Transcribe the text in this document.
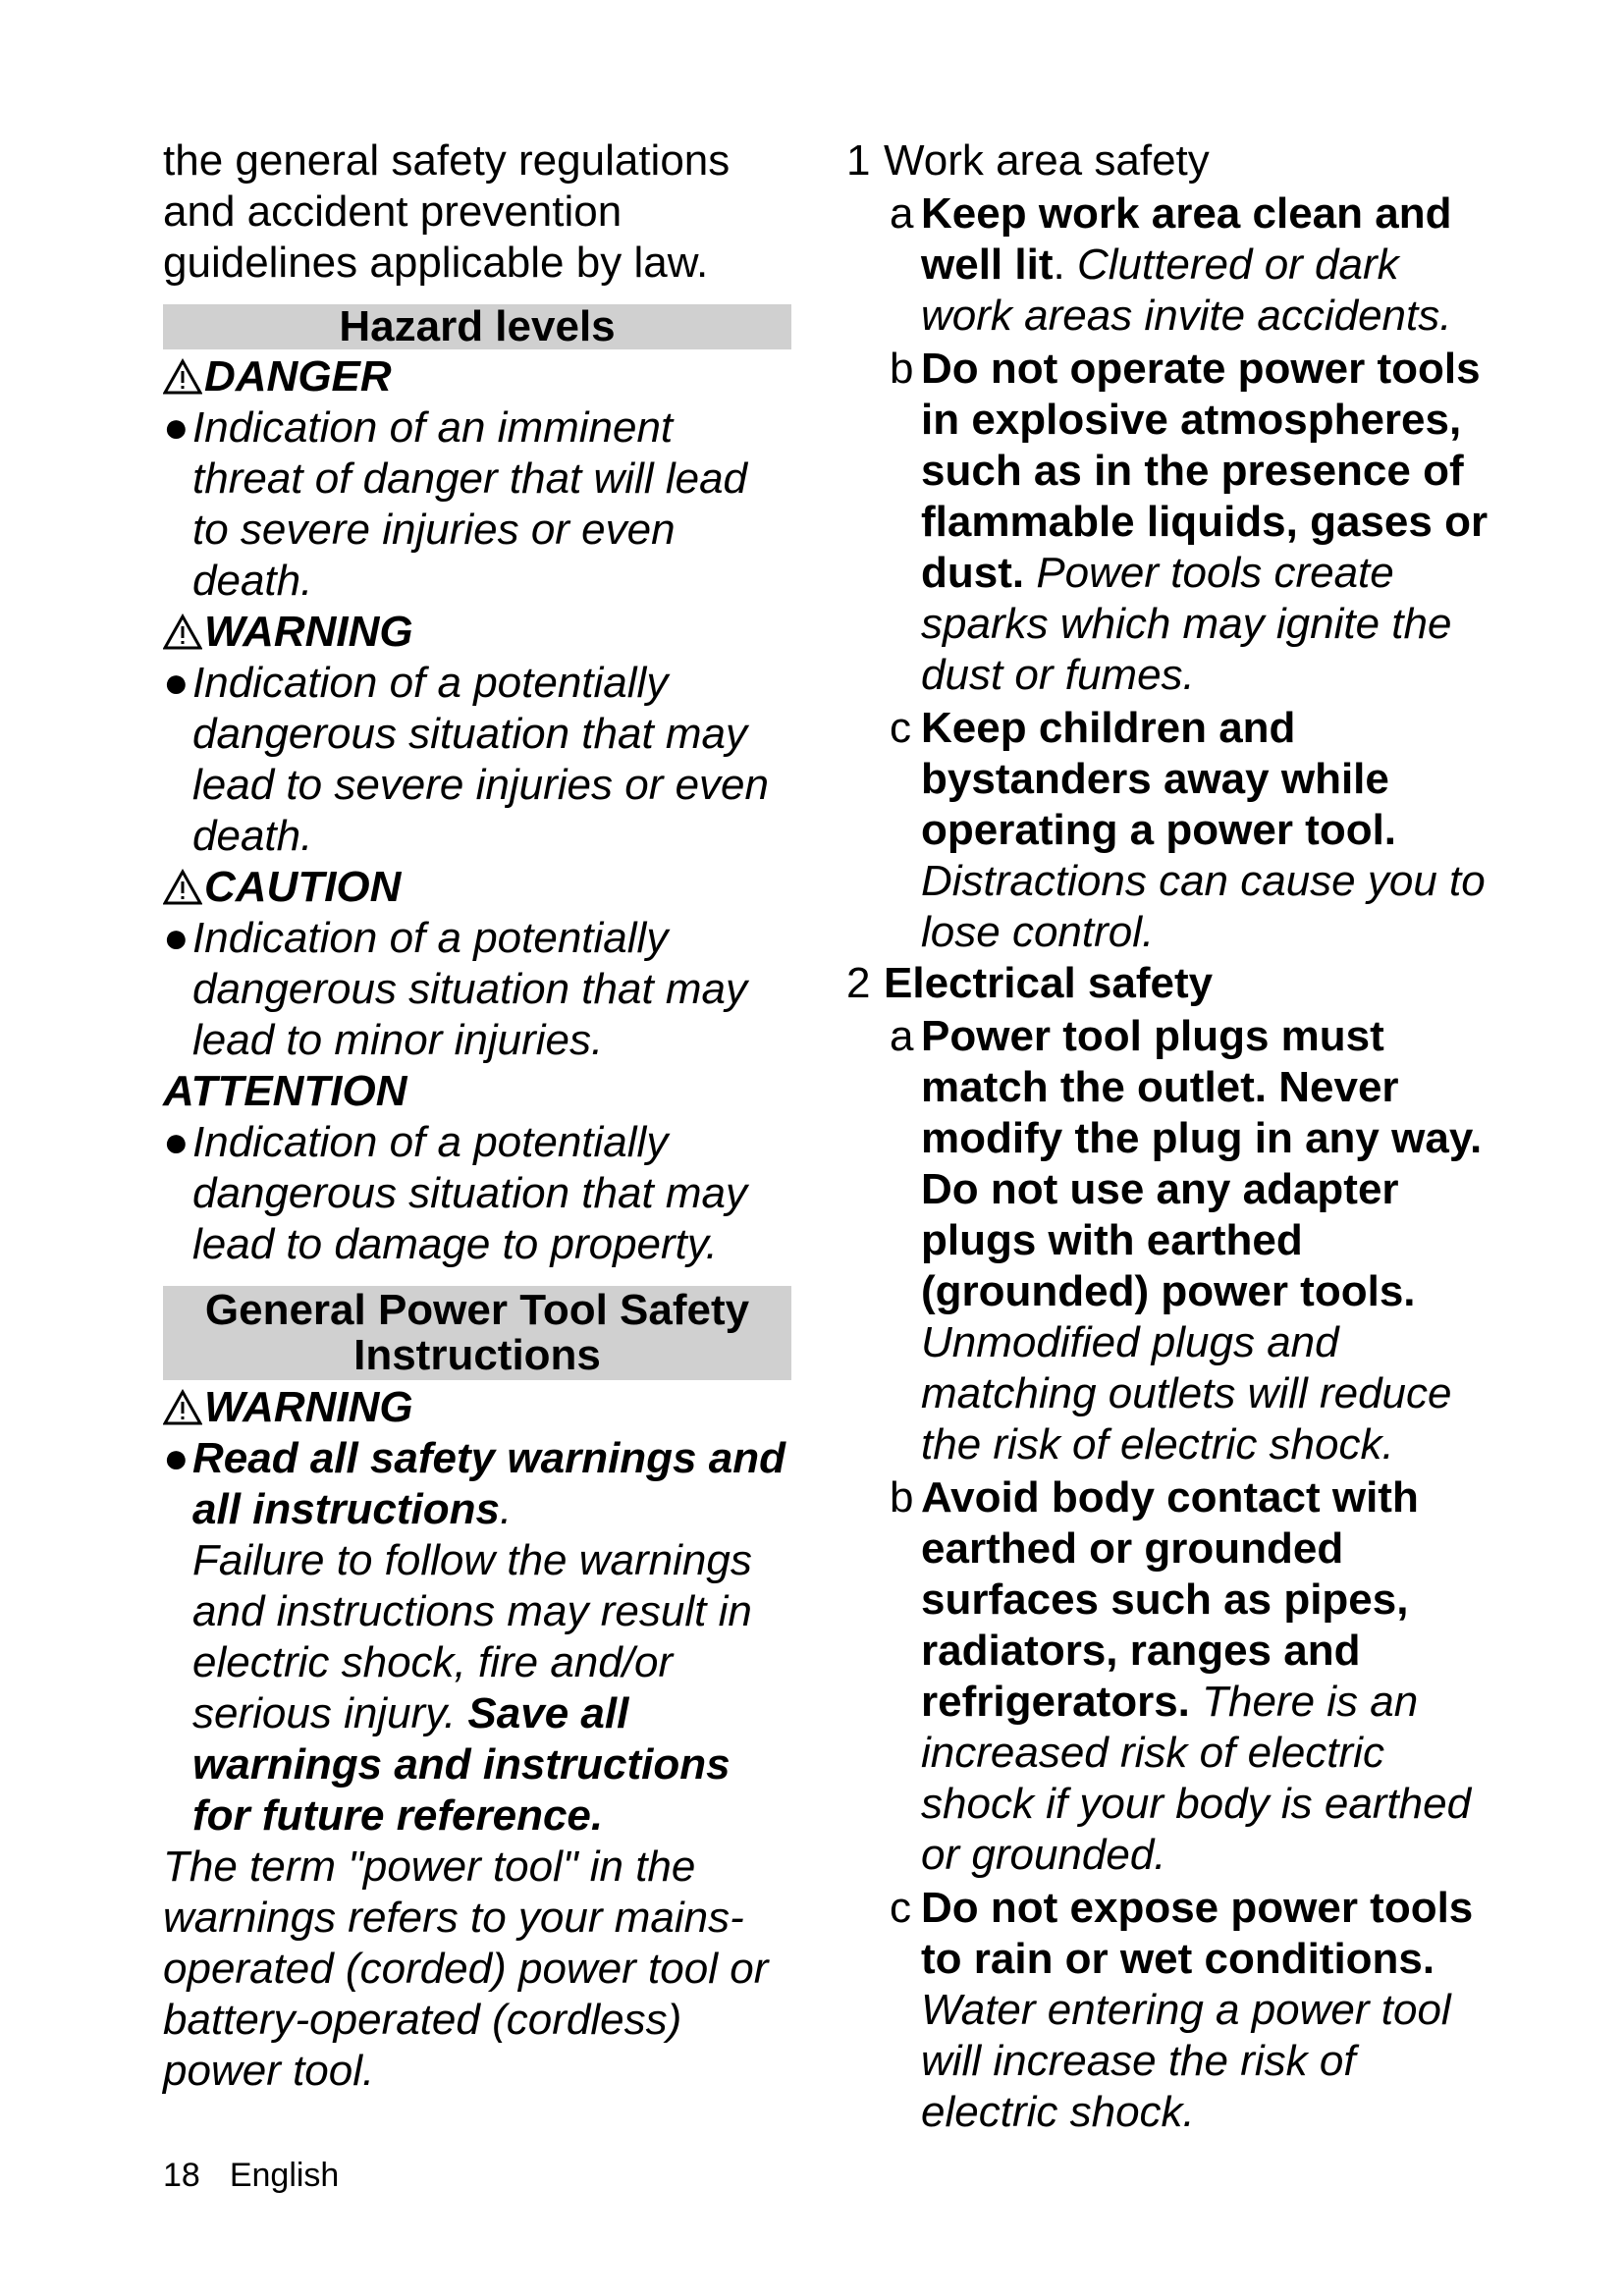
the general safety regulations and accident prevention guidelines applicable by law.
Hazard levels
DANGER
● Indication of an imminent threat of danger that will lead to severe injuries or even death.
WARNING
● Indication of a potentially dangerous situation that may lead to severe injuries or even death.
CAUTION
● Indication of a potentially dangerous situation that may lead to minor injuries.
ATTENTION
● Indication of a potentially dangerous situation that may lead to damage to property.
General Power Tool Safety Instructions
WARNING
● Read all safety warnings and all instructions.
Failure to follow the warnings and instructions may result in electric shock, fire and/or serious injury. Save all warnings and instructions for future reference.
The term "power tool" in the warnings refers to your mains-operated (corded) power tool or battery-operated (cordless) power tool.
1 Work area safety
a Keep work area clean and well lit. Cluttered or dark work areas invite accidents.
b Do not operate power tools in explosive atmospheres, such as in the presence of flammable liquids, gases or dust. Power tools create sparks which may ignite the dust or fumes.
c Keep children and bystanders away while operating a power tool. Distractions can cause you to lose control.
2 Electrical safety
a Power tool plugs must match the outlet. Never modify the plug in any way. Do not use any adapter plugs with earthed (grounded) power tools. Unmodified plugs and matching outlets will reduce the risk of electric shock.
b Avoid body contact with earthed or grounded surfaces such as pipes, radiators, ranges and refrigerators. There is an increased risk of electric shock if your body is earthed or grounded.
c Do not expose power tools to rain or wet conditions. Water entering a power tool will increase the risk of electric shock.
18 English
